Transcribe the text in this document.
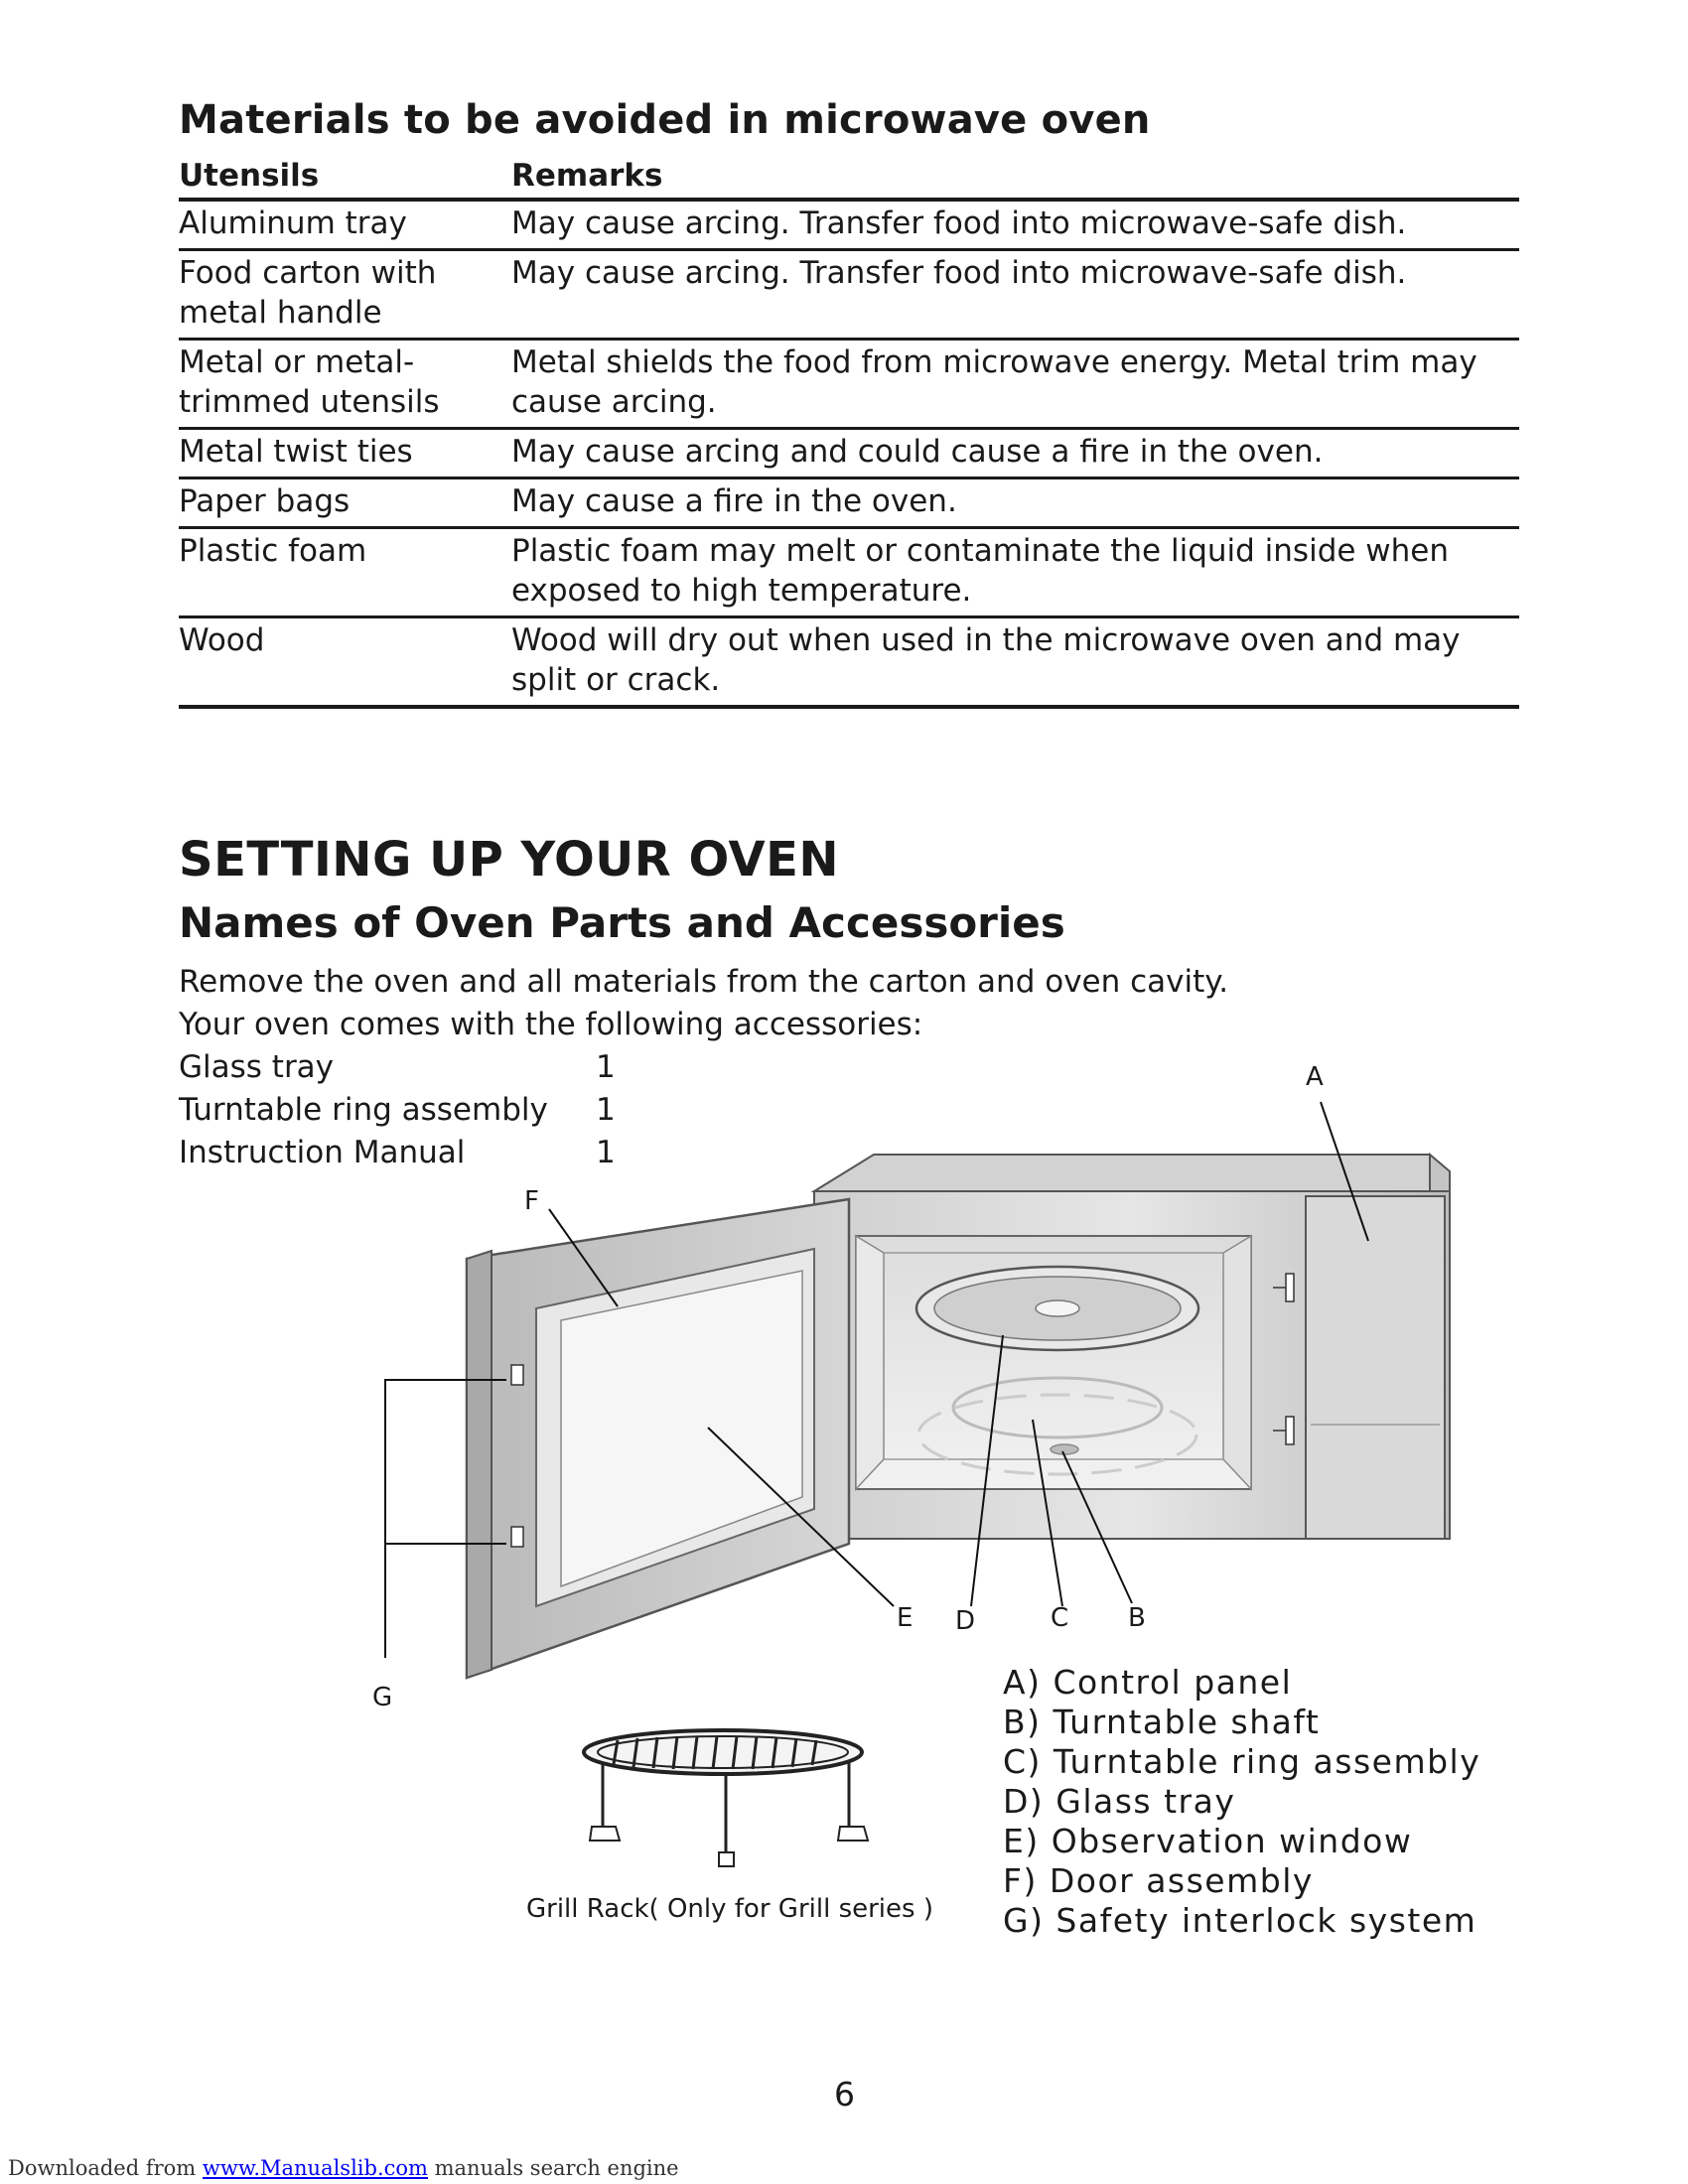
Materials to be avoided in microwave oven
Utensils	Remarks
Aluminum tray	May cause arcing. Transfer food into microwave-safe dish.
Food carton with metal handle	May cause arcing. Transfer food into microwave-safe dish.
Metal or metal-trimmed utensils	Metal shields the food from microwave energy. Metal trim may cause arcing.
Metal twist ties	May cause arcing and could cause a fire in the oven.
Paper bags	May cause a fire in the oven.
Plastic foam	Plastic foam may melt or contaminate the liquid inside when exposed to high temperature.
Wood	Wood will dry out when used in the microwave oven and may split or crack.
SETTING UP YOUR OVEN
Names of Oven Parts and Accessories
Remove the oven and all materials from the carton and oven cavity.
Your oven comes with the following accessories:
Glass tray	1
Turntable ring assembly 1
Instruction Manual	1
A
F
G
E D	C B
Grill Rack( Only for Grill series )
A) Control panel
B) Turntable shaft
C) Turntable ring assembly
D) Glass tray
E) Observation window
F) Door assembly
G) Safety interlock system
6
Downloaded from www.Manualslib.com manuals search engine
